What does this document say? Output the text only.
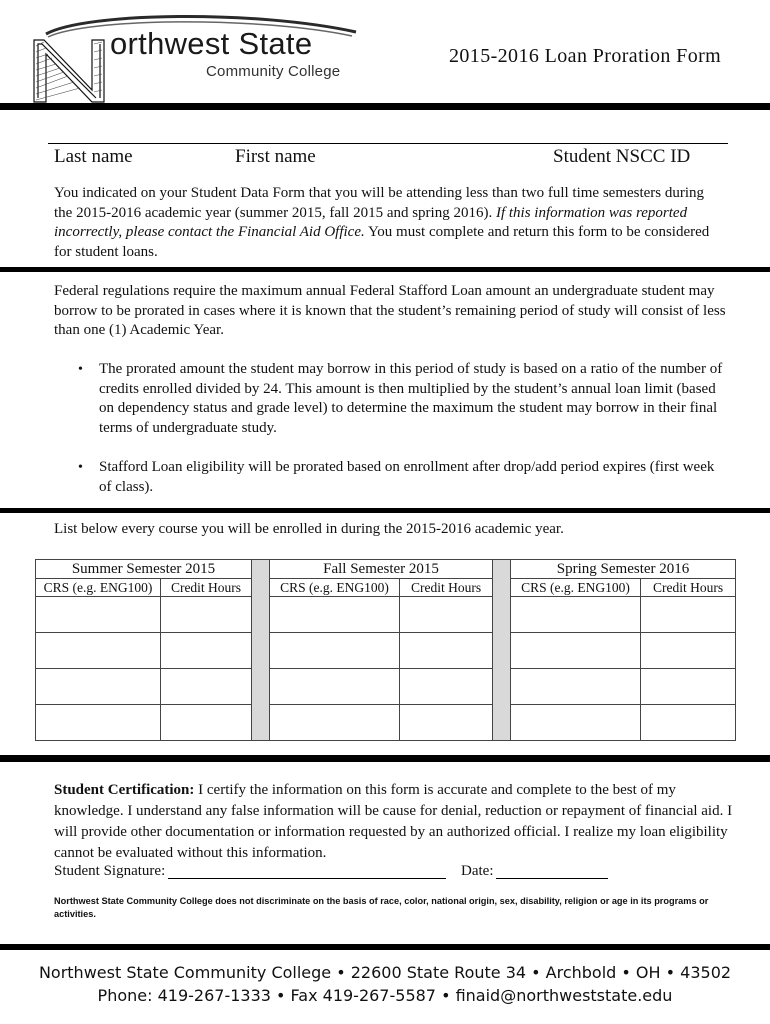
N
orthwest State
Community College
2015-2016 Loan Proration Form
Last name	First name	Student NSCC ID
You indicated on your Student Data Form that you will be attending less than two full time semesters during the 2015-2016 academic year (summer 2015, fall 2015 and spring 2016). If this information was reported incorrectly, please contact the Financial Aid Office. You must complete and return this form to be considered for student loans.
Federal regulations require the maximum annual Federal Stafford Loan amount an undergraduate student may borrow to be prorated in cases where it is known that the student’s remaining period of study will consist of less than one (1) Academic Year.
• The prorated amount the student may borrow in this period of study is based on a ratio of the number of credits enrolled divided by 24. This amount is then multiplied by the student’s annual loan limit (based on dependency status and grade level) to determine the maximum the student may borrow in their final terms of undergraduate study.
• Stafford Loan eligibility will be prorated based on enrollment after drop/add period expires (first week of class).
List below every course you will be enrolled in during the 2015-2016 academic year.
Summer Semester 2015			Fall Semester 2015			Spring Semester 2016	
CRS (e.g. ENG100)	Credit Hours		CRS (e.g. ENG100)	Credit Hours		CRS (e.g. ENG100)	Credit Hours

Student Certification: I certify the information on this form is accurate and complete to the best of my knowledge. I understand any false information will be cause for denial, reduction or repayment of financial aid. I will provide other documentation or information requested by an authorized official. I realize my loan eligibility cannot be evaluated without this information.
Student Signature:	Date:
Northwest State Community College does not discriminate on the basis of race, color, national origin, sex, disability, religion or age in its programs or activities.
Northwest State Community College • 22600 State Route 34 • Archbold • OH • 43502
Phone: 419-267-1333 • Fax 419-267-5587 • finaid@northweststate.edu
